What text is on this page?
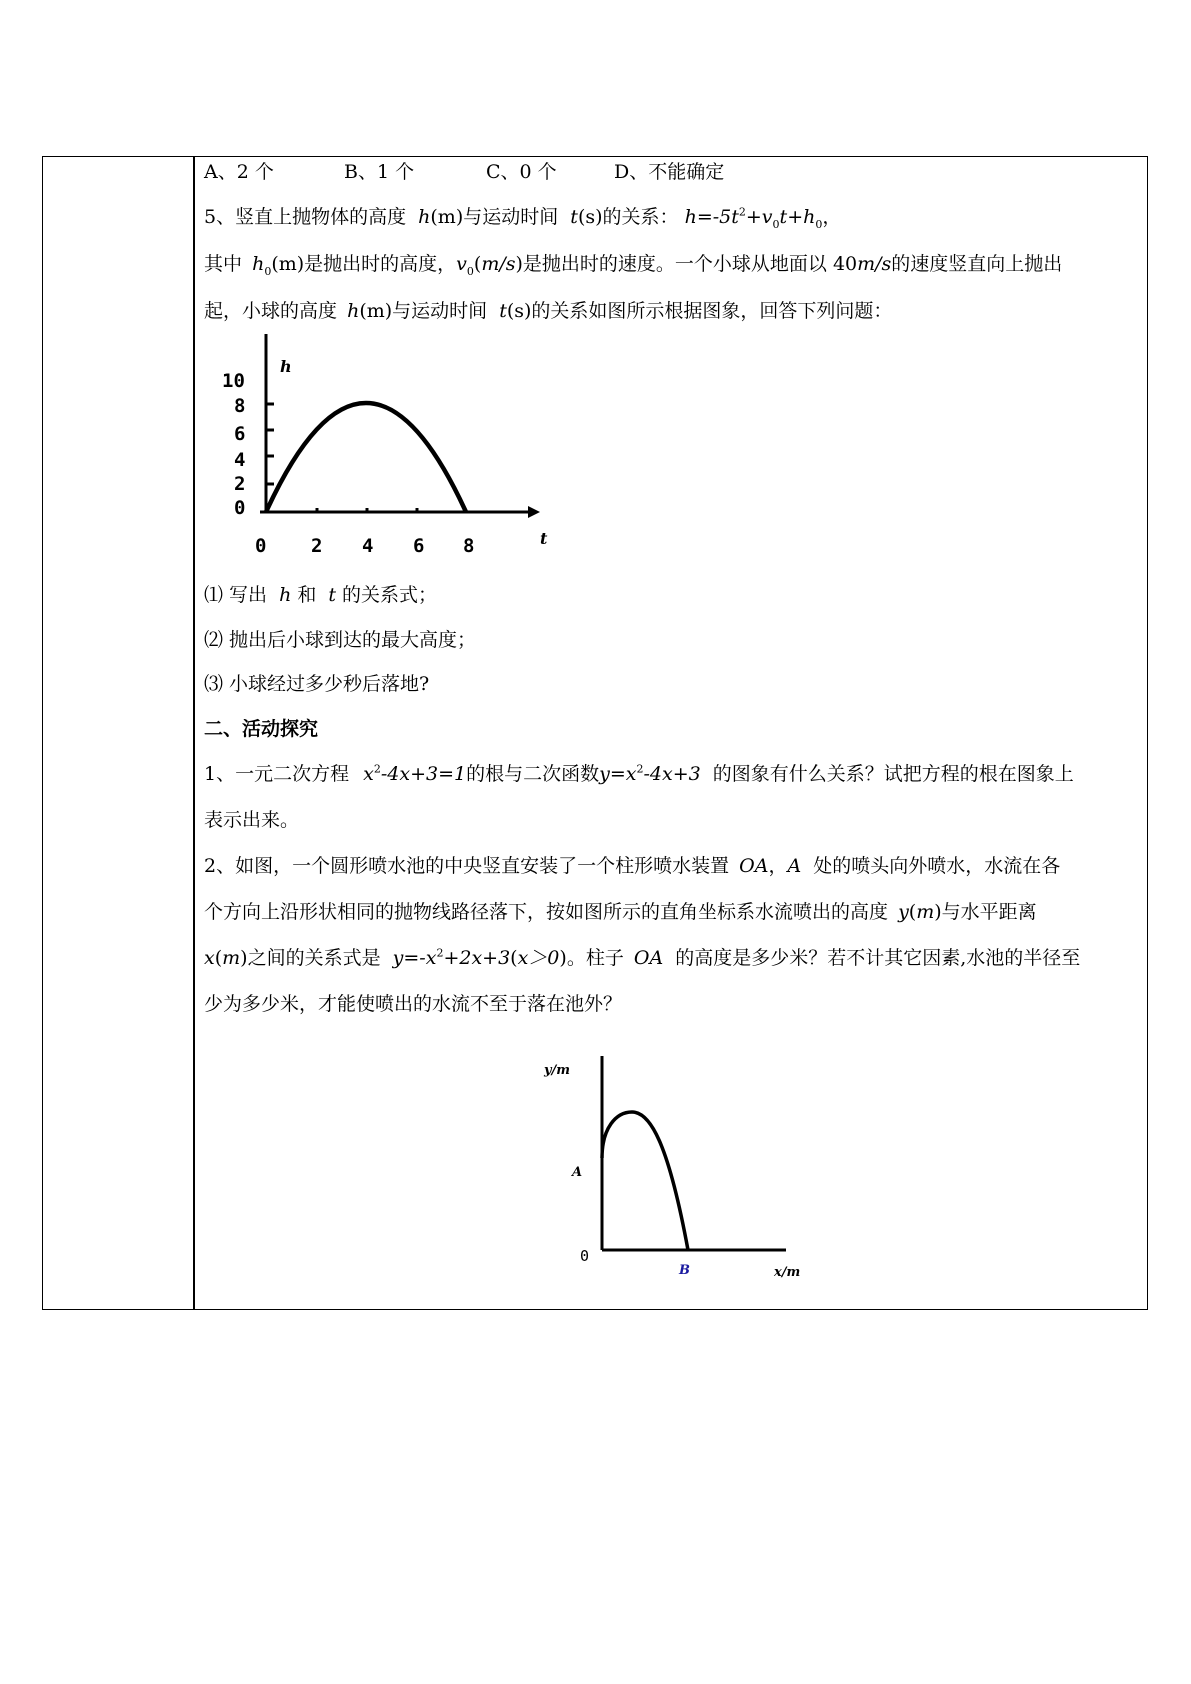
A、2 个	B、1 个	C、0 个	D、不能确定
5、竖直上抛物体的高度 h(m)与运动时间 t(s)的关系： $h=-5t^2+v_0t+h_0$，
其中 $h_0(m)$是抛出时的高度，$v_0(m/s)$是抛出时的速度。一个小球从地面以 40m/s的速度竖直向上抛出
起，小球的高度 h(m)与运动时间 t(s)的关系如图所示根据图象，回答下列问题：
h
10
8
6
4
2
0
0 2 4 6 8	t
⑴ 写出 h 和 t 的关系式；
⑵ 抛出后小球到达的最大高度；
⑶ 小球经过多少秒后落地?
二、活动探究
1、一元二次方程 $x^2-4x+3=1$的根与二次函数$y=x^2-4x+3$ 的图象有什么关系？试把方程的根在图象上
表示出来。
2、如图，一个圆形喷水池的中央竖直安装了一个柱形喷水装置 OA，A 处的喷头向外喷水，水流在各
个方向上沿形状相同的抛物线路径落下，按如图所示的直角坐标系水流喷出的高度 y(m)与水平距离
x(m)之间的关系式是 $y=-x^2+2x+3(x>0)$。柱子 OA 的高度是多少米？若不计其它因素,水池的半径至
少为多少米，才能使喷出的水流不至于落在池外？
y/m
A
0
B	x/m
